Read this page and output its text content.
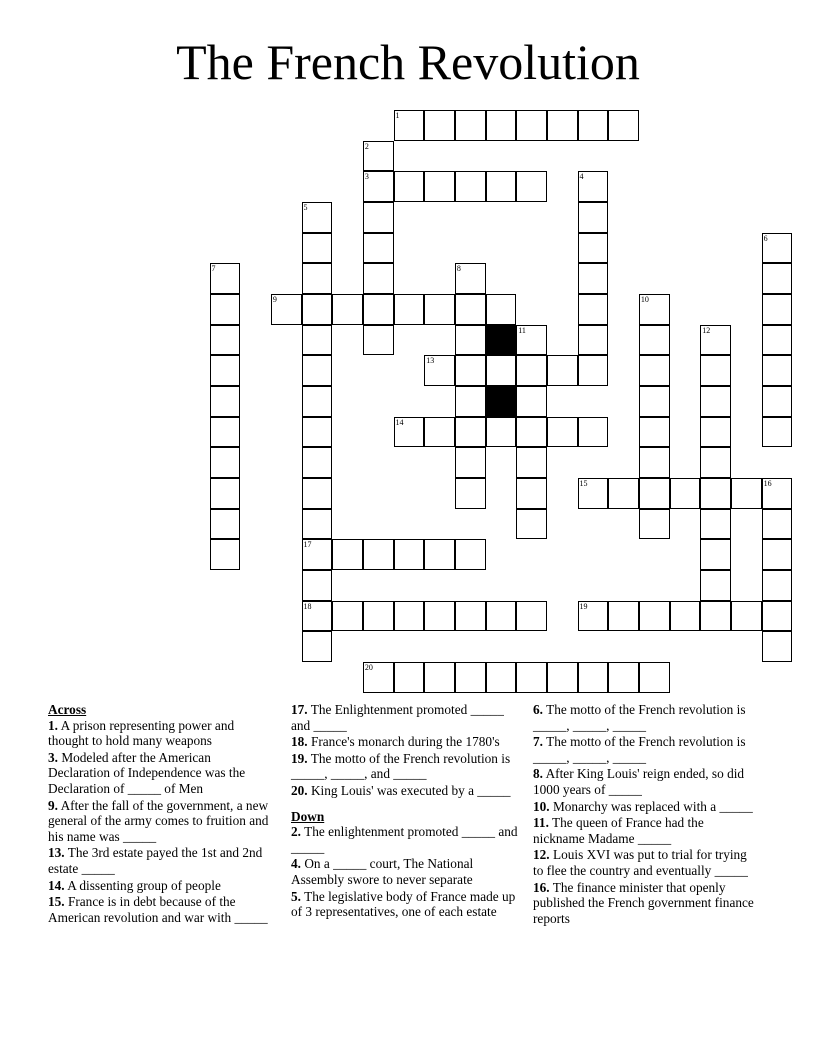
The French Revolution
1
2
3	4
5
17
18
6
7	8
9	10
11	12
13
14
15	16
19
20
Across
1. A prison representing power and thought to hold many weapons
3. Modeled after the American Declaration of Independence was the Declaration of _____ of Men
9. After the fall of the government, a new general of the army comes to fruition and his name was _____
13. The 3rd estate payed the 1st and 2nd estate _____
14. A dissenting group of people
15. France is in debt because of the American revolution and war with _____
17. The Enlightenment promoted _____ and _____
18. France's monarch during the 1780's
19. The motto of the French revolution is _____, _____, and _____
20. King Louis' was executed by a _____
Down
2. The enlightenment promoted _____ and _____
4. On a _____ court, The National Assembly swore to never separate
5. The legislative body of France made up of 3 representatives, one of each estate
6. The motto of the French revolution is _____, _____, _____
7. The motto of the French revolution is _____, _____, _____
8. After King Louis' reign ended, so did 1000 years of _____
10. Monarchy was replaced with a _____
11. The queen of France had the nickname Madame _____
12. Louis XVI was put to trial for trying to flee the country and eventually _____
16. The finance minister that openly published the French government finance reports
